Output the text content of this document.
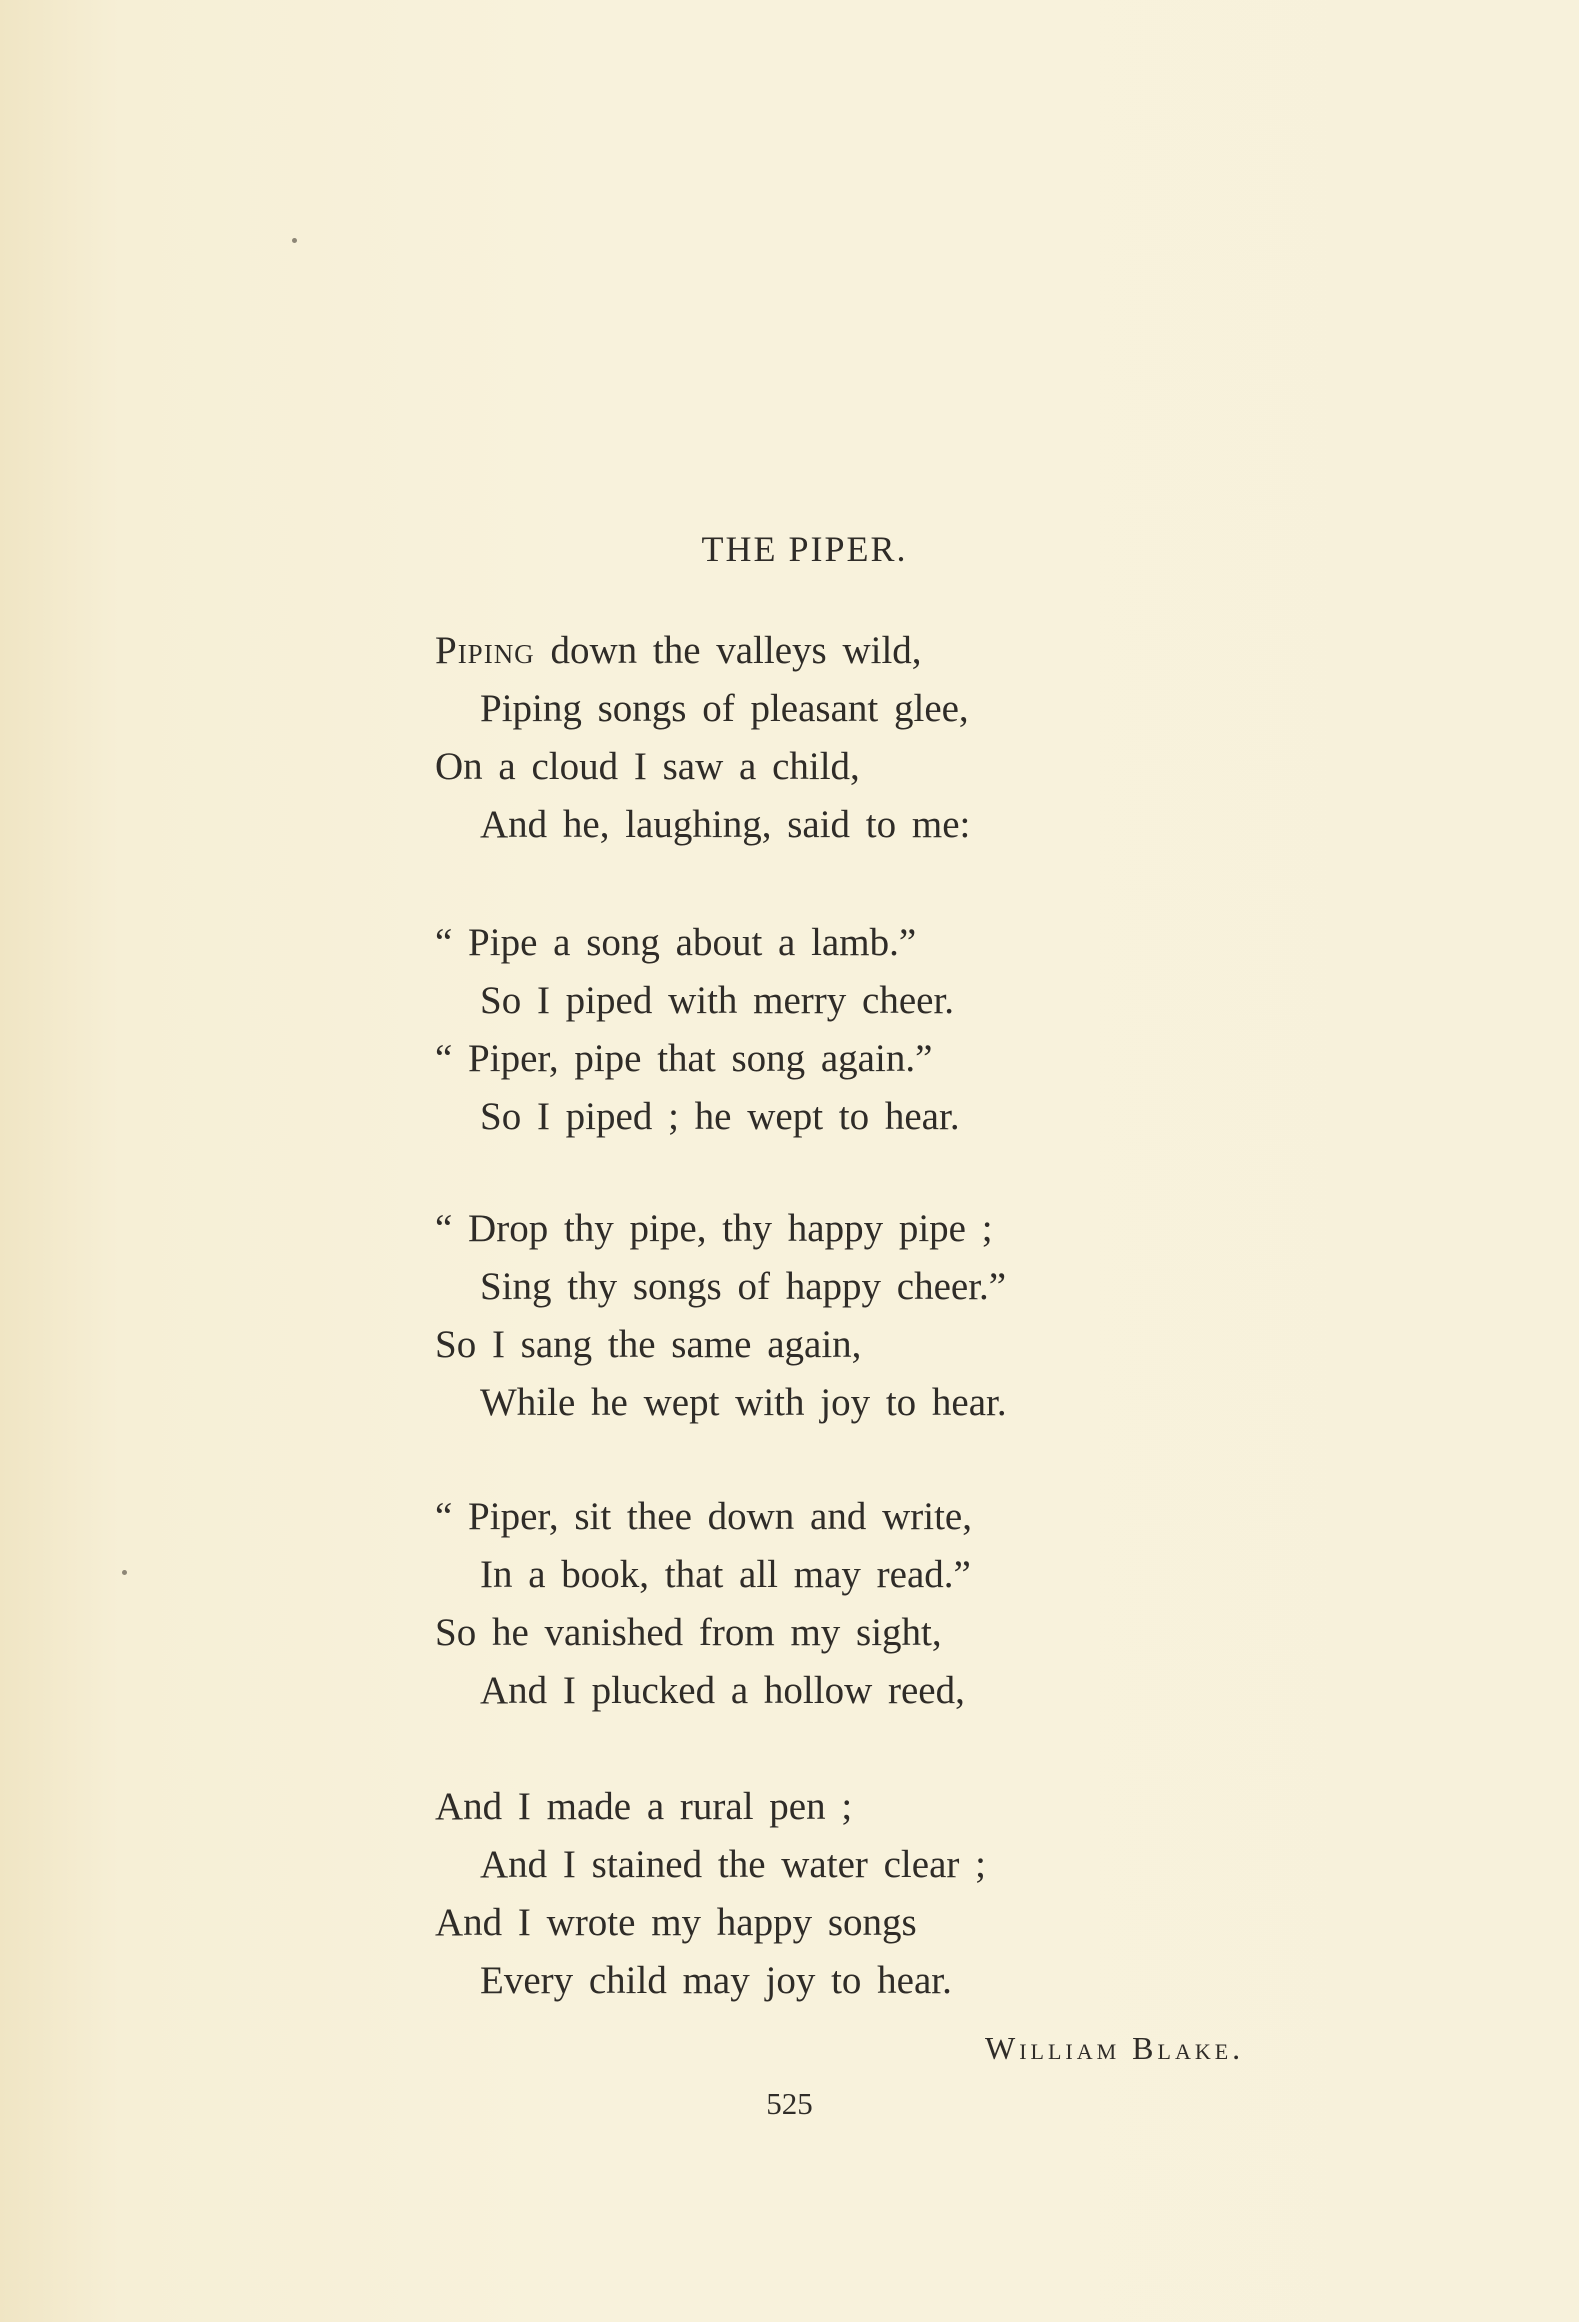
THE PIPER.
Piping down the valleys wild,
Piping songs of pleasant glee,
On a cloud I saw a child,
And he, laughing, said to me:
“ Pipe a song about a lamb.”
So I piped with merry cheer.
“ Piper, pipe that song again.”
So I piped ; he wept to hear.
“ Drop thy pipe, thy happy pipe ;
Sing thy songs of happy cheer.”
So I sang the same again,
While he wept with joy to hear.
“ Piper, sit thee down and write,
In a book, that all may read.”
So he vanished from my sight,
And I plucked a hollow reed,
And I made a rural pen ;
And I stained the water clear ;
And I wrote my happy songs
Every child may joy to hear.
William Blake.
525
